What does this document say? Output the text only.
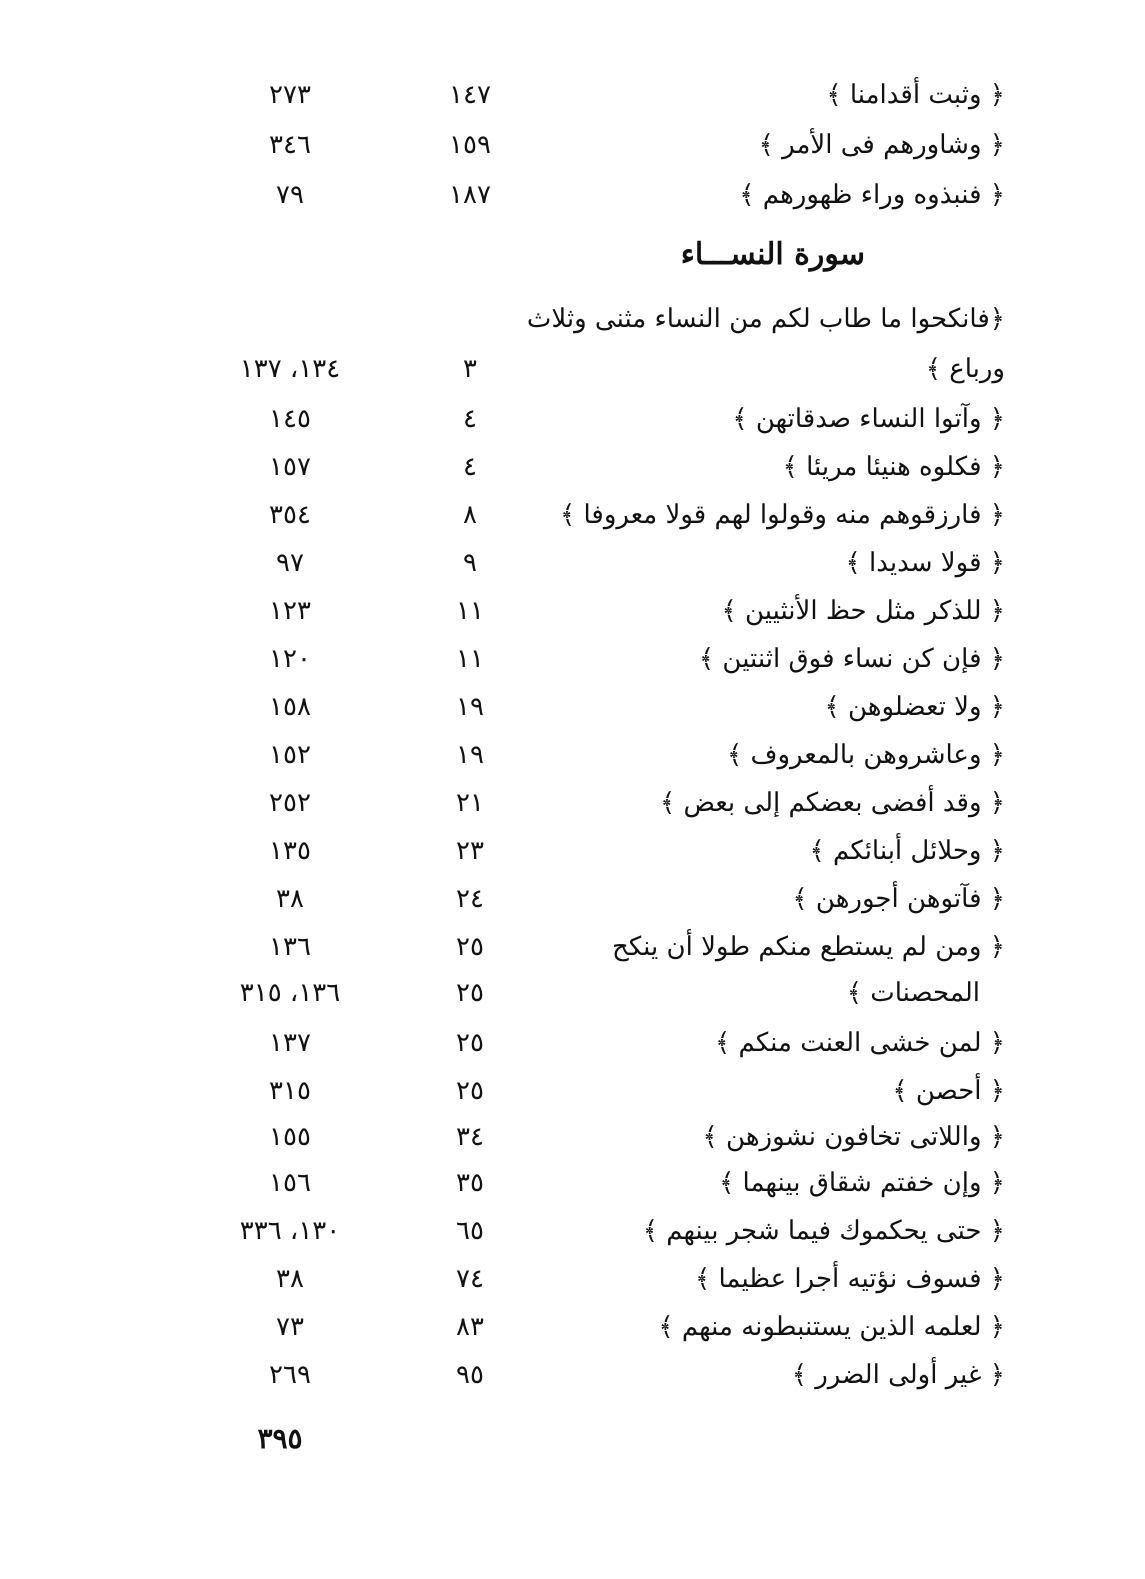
﴿ وثبت أقدامنا ﴾
١٤٧
٢٧٣
﴿ وشاورهم فى الأمر ﴾
١٥٩
٣٤٦
﴿ فنبذوه وراء ظهورهم ﴾
١٨٧
٧٩
سورة النســـاء
﴿فانكحوا ما طاب لكم من النساء مثنى وثلاث
ورباع ﴾
٣
١٣٤، ١٣٧
﴿ وآتوا النساء صدقاتهن ﴾
٤
١٤٥
﴿ فكلوه هنيئا مريئا ﴾
٤
١٥٧
﴿ فارزقوهم منه وقولوا لهم قولا معروفا ﴾
٨
٣٥٤
﴿ قولا سديدا ﴾
٩
٩٧
﴿ للذكر مثل حظ الأنثيين ﴾
١١
١٢٣
﴿ فإن كن نساء فوق اثنتين ﴾
١١
١٢٠
﴿ ولا تعضلوهن ﴾
١٩
١٥٨
﴿ وعاشروهن بالمعروف ﴾
١٩
١٥٢
﴿ وقد أفضى بعضكم إلى بعض ﴾
٢١
٢٥٢
﴿ وحلائل أبنائكم ﴾
٢٣
١٣٥
﴿ فآتوهن أجورهن ﴾
٢٤
٣٨
﴿ ومن لم يستطع منكم طولا أن ينكح
٢٥
١٣٦
المحصنات ﴾
٢٥
١٣٦، ٣١٥
﴿ لمن خشى العنت منكم ﴾
٢٥
١٣٧
﴿ أحصن ﴾
٢٥
٣١٥
﴿ واللاتى تخافون نشوزهن ﴾
٣٤
١٥٥
﴿ وإن خفتم شقاق بينهما ﴾
٣٥
١٥٦
﴿ حتى يحكموك فيما شجر بينهم ﴾
٦٥
١٣٠، ٣٣٦
﴿ فسوف نؤتيه أجرا عظيما ﴾
٧٤
٣٨
﴿ لعلمه الذين يستنبطونه منهم ﴾
٨٣
٧٣
﴿ غير أولى الضرر ﴾
٩٥
٢٦٩
٣٩٥
